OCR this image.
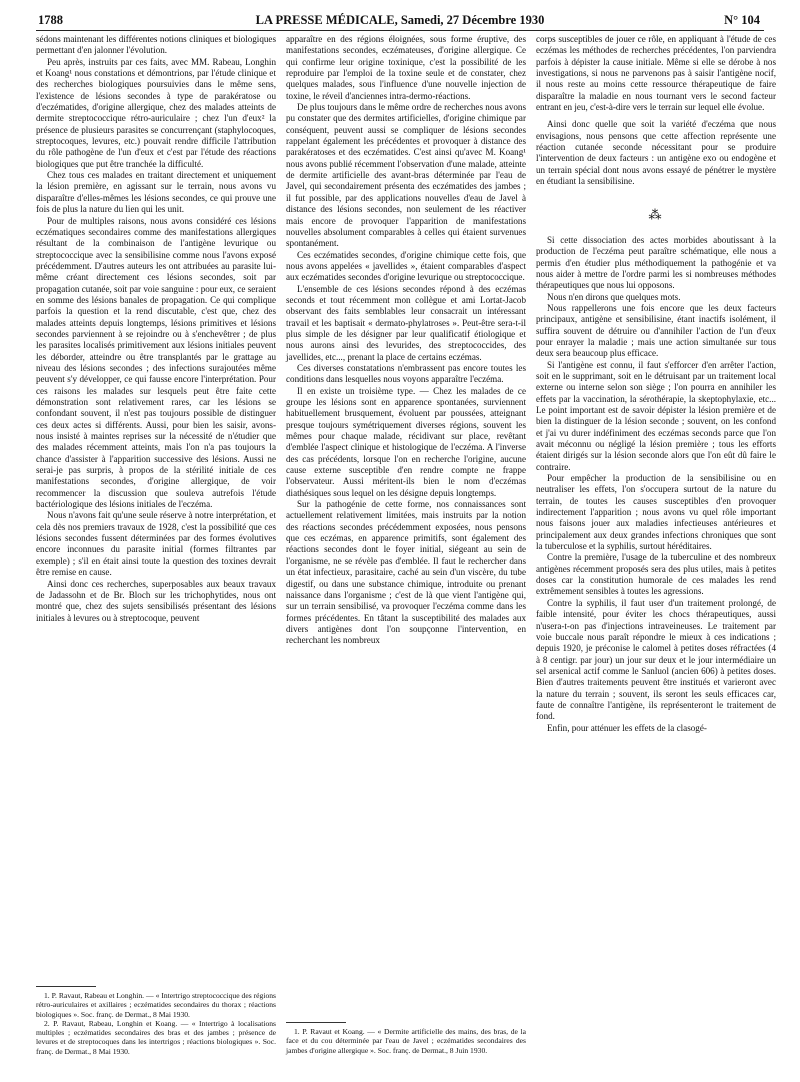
1788	LA PRESSE MÉDICALE, Samedi, 27 Décembre 1930	N° 104

sédons maintenant les différentes notions cliniques et biologiques permettant d'en jalonner l'évolution.

Peu après, instruits par ces faits, avec MM. Rabeau, Longhin et Koang¹ nous constations et démontrions, par l'étude clinique et des recherches biologiques poursuivies dans le même sens, l'existence de lésions secondes à type de parakératose ou d'eczématides, d'origine allergique, chez des malades atteints de dermite streptococcique rétro-auriculaire ; chez l'un d'eux² la présence de plusieurs parasites se concurrençant (staphylocoques, streptocoques, levures, etc.) pouvait rendre difficile l'attribution du rôle pathogène de l'un d'eux et c'est par l'étude des réactions biologiques que put être tranchée la difficulté.

Chez tous ces malades en traitant directement et uniquement la lésion première, en agissant sur le terrain, nous avons vu disparaître d'elles-mêmes les lésions secondes, ce qui prouve une fois de plus la nature du lien qui les unit.

Pour de multiples raisons, nous avons considéré ces lésions eczématiques secondaires comme des manifestations allergiques résultant de la combinaison de l'antigène levurique ou streptococcique avec la sensibilisine comme nous l'avons exposé précédemment. D'autres auteurs les ont attribuées au parasite lui-même créant directement ces lésions secondes, soit par propagation cutanée, soit par voie sanguine : pour eux, ce seraient en somme des lésions banales de propagation. Ce qui complique parfois la question et la rend discutable, c'est que, chez des malades atteints depuis longtemps, lésions primitives et lésions secondes parviennent à se rejoindre ou à s'enchevêtrer ; de plus les parasites localisés primitivement aux lésions initiales peuvent les déborder, atteindre ou être transplantés par le grattage au niveau des lésions secondes ; des infections surajoutées même peuvent s'y développer, ce qui fausse encore l'interprétation. Pour ces raisons les malades sur lesquels peut être faite cette démonstration sont relativement rares, car les lésions se confondant souvent, il n'est pas toujours possible de distinguer ces deux actes si différents. Aussi, pour bien les saisir, avons-nous insisté à maintes reprises sur la nécessité de n'étudier que des malades récemment atteints, mais l'on n'a pas toujours la chance d'assister à l'apparition successive des lésions. Aussi ne serai-je pas surpris, à propos de la stérilité initiale de ces manifestations secondes, d'origine allergique, de voir recommencer la discussion que souleva autrefois l'étude bactériologique des lésions initiales de l'eczéma.

Nous n'avons fait qu'une seule réserve à notre interprétation, et cela dès nos premiers travaux de 1928, c'est la possibilité que ces lésions secondes fussent déterminées par des formes évolutives encore inconnues du parasite initial (formes filtrantes par exemple) ; s'il en était ainsi toute la question des toxines devrait être remise en cause.

Ainsi donc ces recherches, superposables aux beaux travaux de Jadassohn et de Br. Bloch sur les trichophytides, nous ont montré que, chez des sujets sensibilisés présentant des lésions initiales à levures ou à streptocoque, peuvent

1. P. Ravaut, Rabeau et Longhin. — « Intertrigo streptococcique des régions rétro-auriculaires et axillaires ; eczématides secondaires du thorax ; réactions biologiques ». Soc. franç. de Dermat., 8 Mai 1930.

2. P. Ravaut, Rabeau, Longhin et Koang. — « Intertrigo à localisations multiples ; eczématides secondaires des bras et des jambes ; présence de levures et de streptocoques dans les intertrigos ; réactions biologiques ». Soc. franç. de Dermat., 8 Mai 1930.

apparaître en des régions éloignées, sous forme éruptive, des manifestations secondes, eczémateuses, d'origine allergique. Ce qui confirme leur origine toxinique, c'est la possibilité de les reproduire par l'emploi de la toxine seule et de constater, chez quelques malades, sous l'influence d'une nouvelle injection de toxine, le réveil d'anciennes intra-dermo-réactions.

De plus toujours dans le même ordre de recherches nous avons pu constater que des dermites artificielles, d'origine chimique par conséquent, peuvent aussi se compliquer de lésions secondes rappelant également les précédentes et provoquer à distance des parakératoses et des eczématides. C'est ainsi qu'avec M. Koang¹ nous avons publié récemment l'observation d'une malade, atteinte de dermite artificielle des avant-bras déterminée par l'eau de Javel, qui secondairement présenta des eczématides des jambes ; il fut possible, par des applications nouvelles d'eau de Javel à distance des lésions secondes, non seulement de les réactiver mais encore de provoquer l'apparition de manifestations nouvelles absolument comparables à celles qui étaient survenues spontanément.

Ces eczématides secondes, d'origine chimique cette fois, que nous avons appelées « javellides », étaient comparables d'aspect aux eczématides secondes d'origine levurique ou streptococcique.

L'ensemble de ces lésions secondes répond à des eczémas seconds et tout récemment mon collègue et ami Lortat-Jacob observant des faits semblables leur consacrait un intéressant travail et les baptisait « dermato-phylatroses ». Peut-être sera-t-il plus simple de les désigner par leur qualificatif étiologique et nous aurons ainsi des levurides, des streptococcides, des javellides, etc..., prenant la place de certains eczémas.

Ces diverses constatations n'embrassent pas encore toutes les conditions dans lesquelles nous voyons apparaître l'eczéma.

Il en existe un troisième type. — Chez les malades de ce groupe les lésions sont en apparence spontanées, surviennent habituellement brusquement, évoluent par poussées, atteignant presque toujours symétriquement diverses régions, souvent les mêmes pour chaque malade, récidivant sur place, revêtant d'emblée l'aspect clinique et histologique de l'eczéma. A l'inverse des cas précédents, lorsque l'on en recherche l'origine, aucune cause externe susceptible d'en rendre compte ne frappe l'observateur. Aussi méritent-ils bien le nom d'eczémas diathésiques sous lequel on les désigne depuis longtemps.

Sur la pathogénie de cette forme, nos connaissances sont actuellement relativement limitées, mais instruits par la notion des réactions secondes précédemment exposées, nous pensons que ces eczémas, en apparence primitifs, sont également des réactions secondes dont le foyer initial, siégeant au sein de l'organisme, ne se révèle pas d'emblée. Il faut le rechercher dans un état infectieux, parasitaire, caché au sein d'un viscère, du tube digestif, ou dans une substance chimique, introduite ou prenant naissance dans l'organisme ; c'est de là que vient l'antigène qui, sur un terrain sensibilisé, va provoquer l'eczéma comme dans les formes précédentes. En tâtant la susceptibilité des malades aux divers antigènes dont l'on soupçonne l'intervention, en recherchant les nombreux

1. P. Ravaut et Koang. — « Dermite artificielle des mains, des bras, de la face et du cou déterminée par l'eau de Javel ; eczématides secondaires des jambes d'origine allergique ». Soc. franç. de Dermat., 8 Juin 1930.

corps susceptibles de jouer ce rôle, en appliquant à l'étude de ces eczémas les méthodes de recherches précédentes, l'on parviendra parfois à dépister la cause initiale. Même si elle se dérobe à nos investigations, si nous ne parvenons pas à saisir l'antigène nocif, il nous reste au moins cette ressource thérapeutique de faire disparaître la maladie en nous tournant vers le second facteur entrant en jeu, c'est-à-dire vers le terrain sur lequel elle évolue.

Ainsi donc quelle que soit la variété d'eczéma que nous envisagions, nous pensons que cette affection représente une réaction cutanée seconde nécessitant pour se produire l'intervention de deux facteurs : un antigène exo ou endogène et un terrain spécial dont nous avons essayé de pénétrer le mystère en étudiant la sensibilisine.

⁂

Si cette dissociation des actes morbides aboutissant à la production de l'eczéma peut paraître schématique, elle nous a permis d'en étudier plus méthodiquement la pathogénie et va nous aider à mettre de l'ordre parmi les si nombreuses méthodes thérapeutiques que nous lui opposons.

Nous n'en dirons que quelques mots.

Nous rappellerons une fois encore que les deux facteurs principaux, antigène et sensibilisine, étant inactifs isolément, il suffira souvent de détruire ou d'annihiler l'action de l'un d'eux pour enrayer la maladie ; mais une action simultanée sur tous deux sera beaucoup plus efficace.

Si l'antigène est connu, il faut s'efforcer d'en arrêter l'action, soit en le supprimant, soit en le détruisant par un traitement local externe ou interne selon son siège ; l'on pourra en annihiler les effets par la vaccination, la sérothérapie, la skeptophylaxie, etc... Le point important est de savoir dépister la lésion première et de bien la distinguer de la lésion seconde ; souvent, on les confond et j'ai vu durer indéfiniment des eczémas seconds parce que l'on avait méconnu ou négligé la lésion première ; tous les efforts étaient dirigés sur la lésion seconde alors que l'on eût dû faire le contraire.

Pour empêcher la production de la sensibilisine ou en neutraliser les effets, l'on s'occupera surtout de la nature du terrain, de toutes les causes susceptibles d'en provoquer indirectement l'apparition ; nous avons vu quel rôle important nous faisons jouer aux maladies infectieuses antérieures et principalement aux deux grandes infections chroniques que sont la tuberculose et la syphilis, surtout héréditaires.

Contre la première, l'usage de la tuberculine et des nombreux antigènes récemment proposés sera des plus utiles, mais à petites doses car la constitution humorale de ces malades les rend extrêmement sensibles à toutes les agressions.

Contre la syphilis, il faut user d'un traitement prolongé, de faible intensité, pour éviter les chocs thérapeutiques, aussi n'usera-t-on pas d'injections intraveineuses. Le traitement par voie buccale nous paraît répondre le mieux à ces indications ; depuis 1920, je préconise le calomel à petites doses réfractées (4 à 8 centigr. par jour) un jour sur deux et le jour intermédiaire un sel arsenical actif comme le Sanluol (ancien 606) à petites doses. Bien d'autres traitements peuvent être institués et varieront avec la nature du terrain ; souvent, ils seront les seuls efficaces car, faute de connaître l'antigène, ils représenteront le traitement de fond.

Enfin, pour atténuer les effets de la clasogé-
